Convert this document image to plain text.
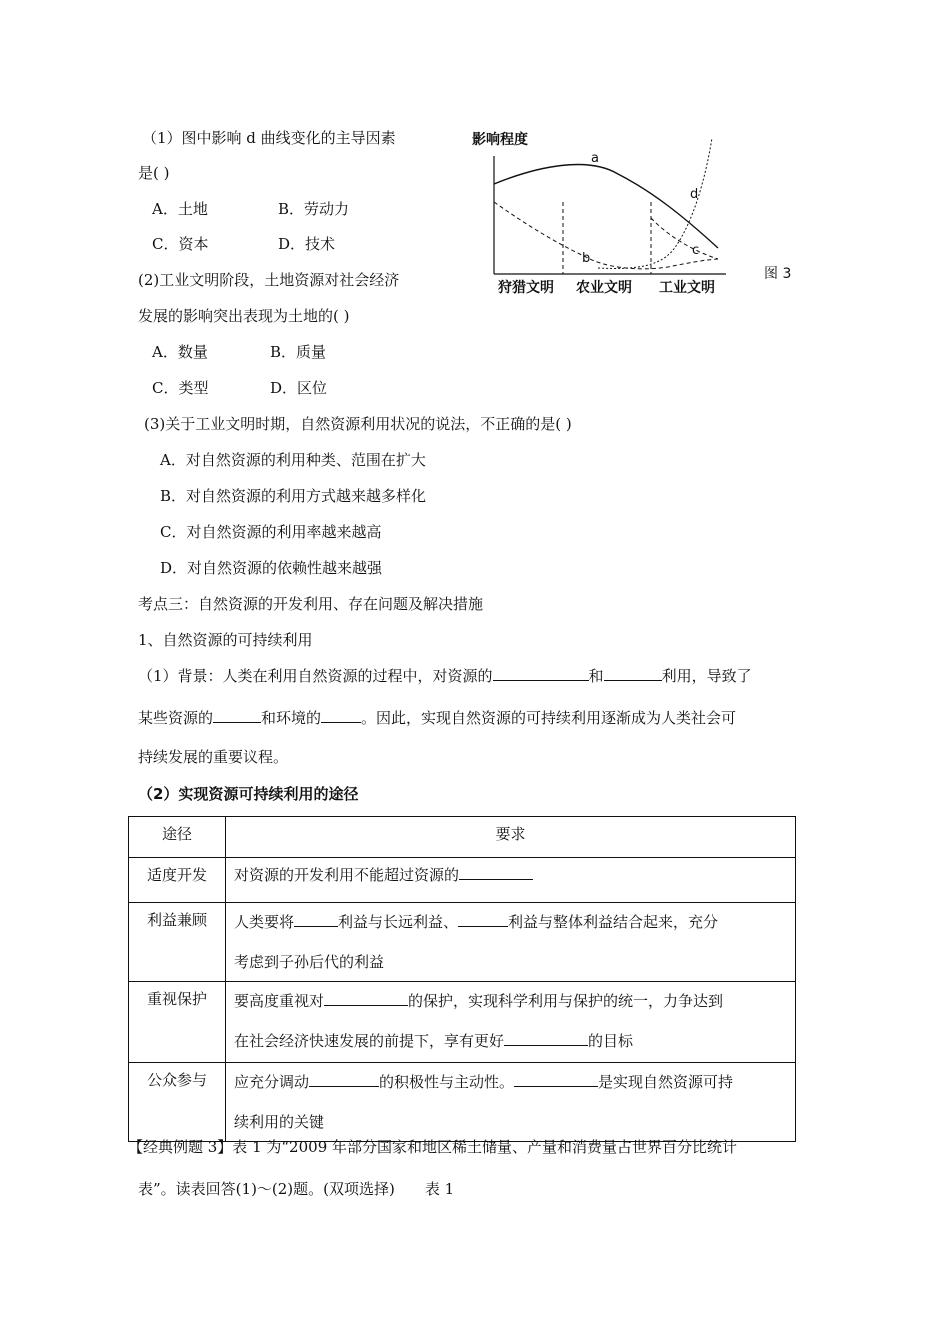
（1）图中影响 d 曲线变化的主导因素
是( )
A．土地	B．劳动力
C．资本	D．技术
(2)工业文明阶段，土地资源对社会经济
发展的影响突出表现为土地的( )
A．数量	B．质量
C．类型	D．区位
影响程度
a
b
c
d
狩猎文明 农业文明 工业文明
图 3
(3)关于工业文明时期，自然资源利用状况的说法，不正确的是( )
A．对自然资源的利用种类、范围在扩大
B．对自然资源的利用方式越来越多样化
C．对自然资源的利用率越来越高
D．对自然资源的依赖性越来越强
考点三：自然资源的开发利用、存在问题及解决措施
1、自然资源的可持续利用
（1）背景：人类在利用自然资源的过程中，对资源的	和	利用，导致了
某些资源的	和环境的	。因此，实现自然资源的可持续利用逐渐成为人类社会可
持续发展的重要议程。
（2）实现资源可持续利用的途径
途径	要求
适度开发	对资源的开发利用不能超过资源的
利益兼顾	人类要将 利益与长远利益、 利益与整体利益结合起来，充分
考虑到子孙后代的利益

重视保护	要高度重视对 的保护，实现科学利用与保护的统一，力争达到
在社会经济快速发展的前提下，享有更好 的目标

公众参与	应充分调动 的积极性与主动性。 是实现自然资源可持
续利用的关键
【经典例题 3】表 1 为“2009 年部分国家和地区稀土储量、产量和消费量占世界百分比统计
表”。读表回答(1)～(2)题。(双项选择) 表 1
